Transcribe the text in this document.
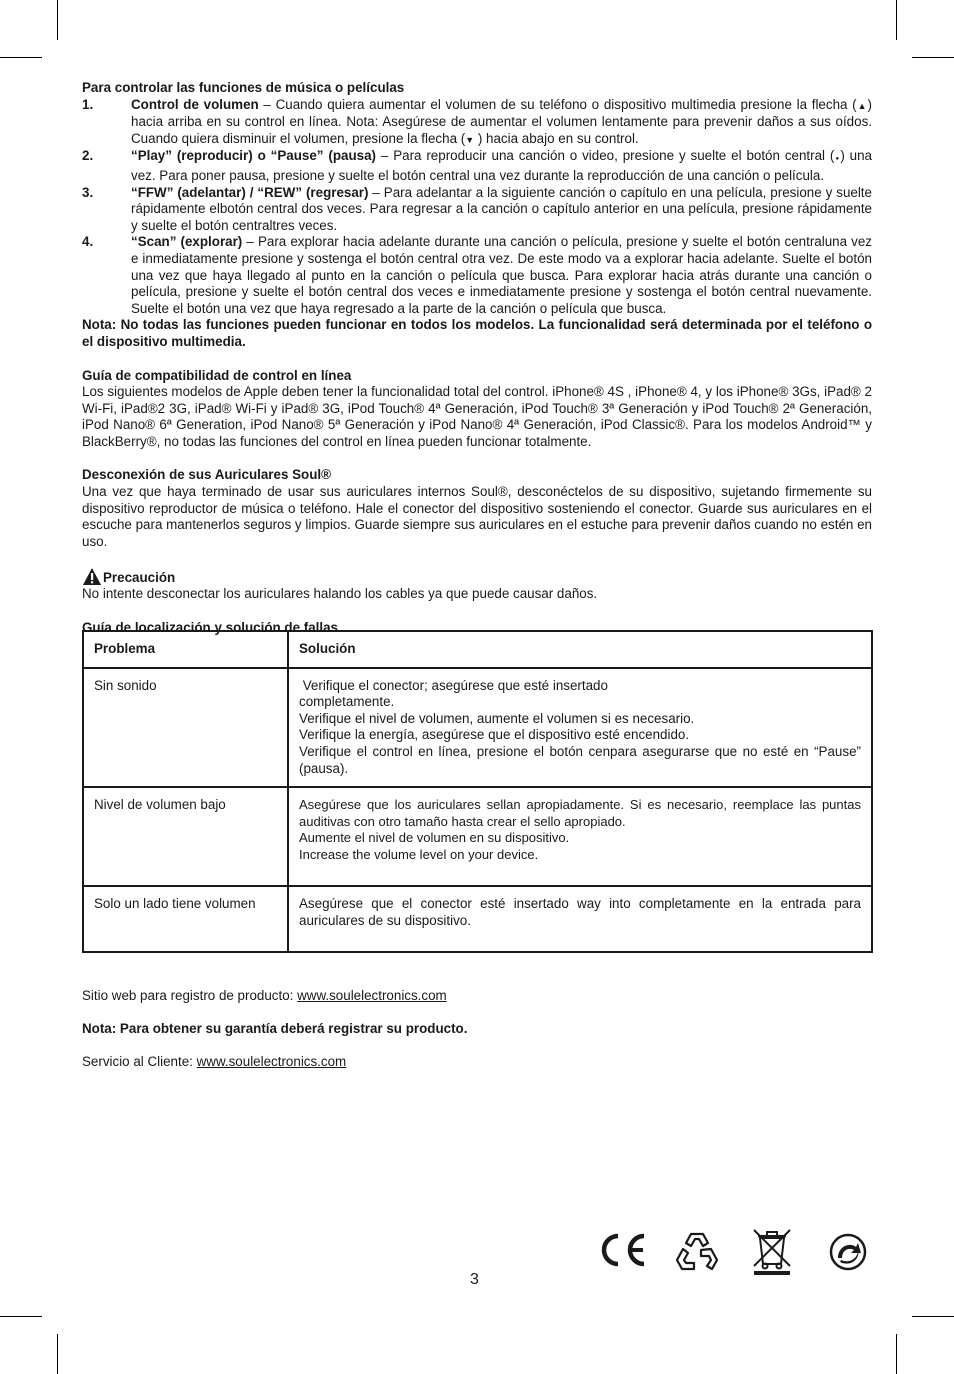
Para controlar las funciones de música o películas

1.	Control de volumen – Cuando quiera aumentar el volumen de su teléfono o dispositivo multimedia presione la flecha (▲) hacia arriba en su control en línea. Nota: Asegúrese de aumentar el volumen lentamente para prevenir daños a sus oídos. Cuando quiera disminuir el volumen, presione la flecha (▼ ) hacia abajo en su control.
2.	“Play” (reproducir) o “Pause” (pausa) – Para reproducir una canción o video, presione y suelte el botón central (●) una vez. Para poner pausa, presione y suelte el botón central una vez durante la reproducción de una canción o película.
3.	“FFW” (adelantar) / “REW” (regresar) – Para adelantar a la siguiente canción o capítulo en una película, presione y suelte rápidamente elbotón central dos veces. Para regresar a la canción o capítulo anterior en una película, presione rápidamente y suelte el botón centraltres veces.
4.	“Scan” (explorar) – Para explorar hacia adelante durante una canción o película, presione y suelte el botón centraluna vez e inmediatamente presione y sostenga el botón central otra vez. De este modo va a explorar hacia adelante. Suelte el botón una vez que haya llegado al punto en la canción o película que busca. Para explorar hacia atrás durante una canción o película, presione y suelte el botón central dos veces e inmediatamente presione y sostenga el botón central nuevamente. Suelte el botón una vez que haya regresado a la parte de la canción o película que busca.

Nota: No todas las funciones pueden funcionar en todos los modelos. La funcionalidad será determinada por el teléfono o el dispositivo multimedia.

Guía de compatibilidad de control en línea

Los siguientes modelos de Apple deben tener la funcionalidad total del control. iPhone® 4S , iPhone® 4, y los iPhone® 3Gs, iPad® 2 Wi-Fi, iPad®2 3G, iPad® Wi-Fi y iPad® 3G, iPod Touch® 4ª Generación, iPod Touch® 3ª Generación y iPod Touch® 2ª Generación, iPod Nano® 6ª Generation, iPod Nano® 5ª Generación y iPod Nano® 4ª Generación, iPod Classic®. Para los modelos Android™ y BlackBerry®, no todas las funciones del control en línea pueden funcionar totalmente.

Desconexión de sus Auriculares Soul®

Una vez que haya terminado de usar sus auriculares internos Soul®, desconéctelos de su dispositivo, sujetando firmemente su dispositivo reproductor de música o teléfono. Hale el conector del dispositivo sosteniendo el conector. Guarde sus auriculares en el escuche para mantenerlos seguros y limpios. Guarde siempre sus auriculares en el estuche para prevenir daños cuando no estén en uso.

Precaución

No intente desconectar los auriculares halando los cables ya que puede causar daños.

Guía de localización y solución de fallas

Problema	Solución
Sin sonido	Verifique el conector; asegúrese que esté insertado
completamente.
Verifique el nivel de volumen, aumente el volumen si es necesario.
Verifique la energía, asegúrese que el dispositivo esté encendido.
Verifique el control en línea, presione el botón cenpara asegurarse que no esté en “Pause” (pausa).

Nivel de volumen bajo	Asegúrese que los auriculares sellan apropiadamente. Si es necesario, reemplace las puntas auditivas con otro tamaño hasta crear el sello apropiado.
Aumente el nivel de volumen en su dispositivo.
Increase the volume level on your device.

Solo un lado tiene volumen	Asegúrese que el conector esté insertado way into completamente en la entrada para auriculares de su dispositivo.
Sitio web para registro de producto: www.soulelectronics.com
Nota: Para obtener su garantía deberá registrar su producto.
Servicio al Cliente: www.soulelectronics.com
3
